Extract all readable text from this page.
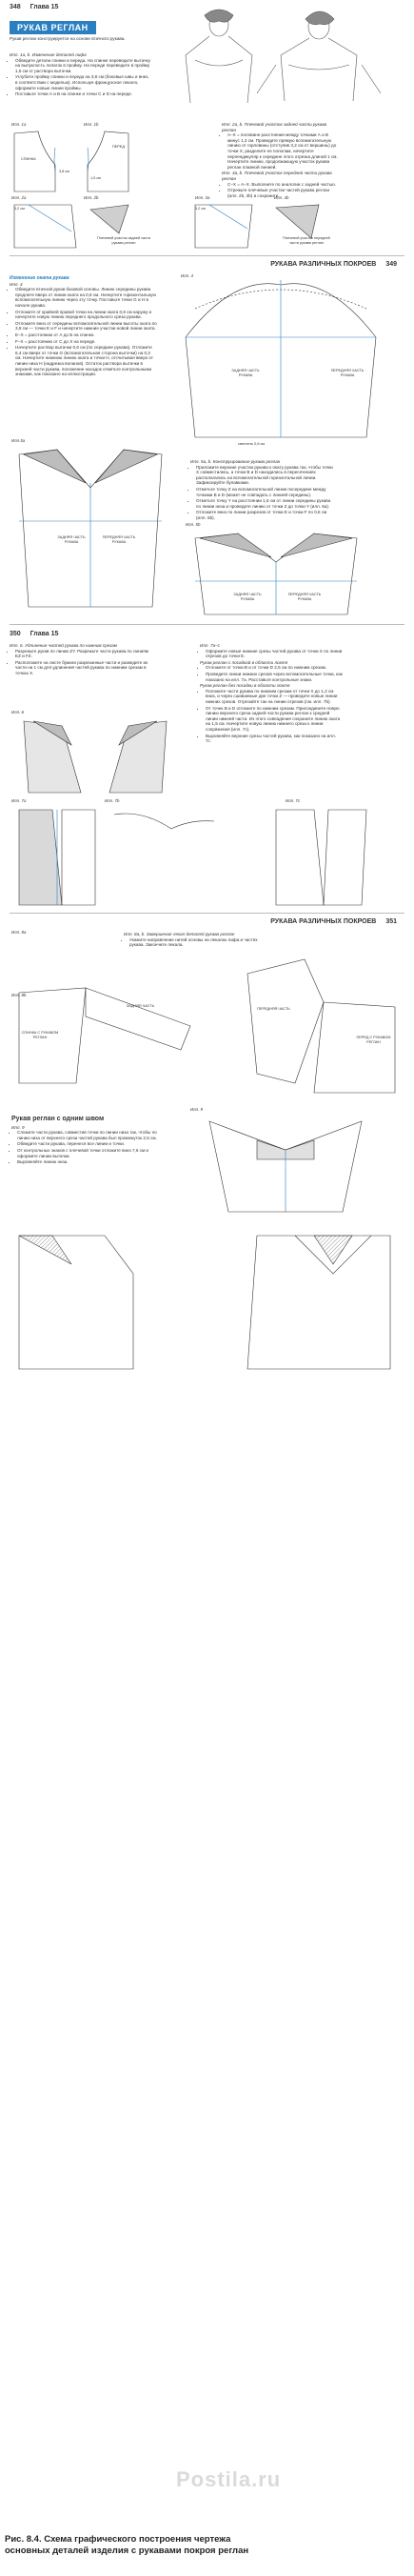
348 Глава 15
РУКАВ РЕГЛАН
Рукав реглан конструируется на основе втачного рукава.
Илл. 1а, b. Изменение деталей лифа
• Обведите детали спинки и переда. На спинке переведите вытачку на выпуклость лопаток в пройму. На переде переведите в пройму 1,5 см от раствора вытачки.
• Углубите пройму спинки и переда на 3,8 см (боковые швы и вниз, в соответствии с моделью). Используя французское лекало, оформите новые линии проймы.
• Поставьте точки А и В на спинке и точки С и D на переде.
Илл. 1а	Илл. 1b
СПИНКА
ПЕРЕД
3,8 см
1,5 см
Илл. 2а, b. Плечевой участок задней части рукава реглан
• А–Х = половине расстояния между точками А и В минус 1,3 см. Проведите прямую вспомогательную линию от горловины (отступив 3,2 см от вершины) до точки Х, разделите ее пополам, начертите перпендикуляр к середине этого отрезка длиной 1 см. Начертите линию, продолжающую участок рукава реглан плавной линией.
Илл. 3а, b. Плечевой участок передней части рукава реглан
• С–Х = А–Х. Выполните по аналогии с задней частью.
• Отрежьте плечевые участки частей рукава реглан (илл. 2b, 3b) и сохраните.
Илл. 2а	Илл. 2b	Илл. 3а	Илл. 3b
3,2 см	3,2 см
Плечевой участок задней части рукава реглан
Плечевой участок передней части рукава реглан
РУКАВА РАЗЛИЧНЫХ ПОКРОЕВ 349
Изменение оката рукава
Илл. 4
• Обведите втачной рукав базовой основы. Линию середины рукава продлите вверх от линии оката на 0,6 см. Начертите горизонтальную вспомогательную линию через эту точку. Поставьте точки G и H в начале рукава.
• Отложите от крайней правой точки на линии оката 0,6 см наружу и начертите новую линию переднего продольного среза рукава.
• Отложите вниз от середины вспомогательной линии высоты оката по 3,8 см — точки Е и F и начертите нижние участки новой линии оката.
• Е–Х = расстоянию от А до Б на спинке.
• F–X = расстоянию от C до X на переде.
• Начертите раствор вытачки 0,6 см (по середине рукава). Отложите 6,4 см вверх от точки G (вспомогательная сторона выточки) на 0,3 см. Начертите нижнюю линию оката и точки Н, отсчитывая вверх от линии низа Н (надрезка воланов). Остаток раствора вытачки в верхней части рукава, положение насадок отметьте контрольными знаками, как показано на иллюстрации.
Илл. 4
ЗАДНЯЯ ЧАСТЬ РУКАВА
ПЕРЕДНЯЯ ЧАСТЬ РУКАВА
сместить 0,6 см
Илл.5а
ЗАДНЯЯ ЧАСТЬ РУКАВА
ПЕРЕДНЯЯ ЧАСТЬ РУКАВА
Илл. 5а, b. Конструирование рукава реглан
• Приложите верхние участки рукава к окату рукава так, чтобы точки Х совместились, а точки В и D находились в пересечениях располагались на вспомогательной горизонтальной линии. Зафиксируйте булавками.
• Отметьте точку Z на вспомогательной линии посередине между точками B и D (может не совпадать с линией середины).
• Отметьте точку Y на расстоянии 1,6 см от линии середины рукава по линии низа и проведите линию от точки Z до точки Y (илл. 5а).
• Отложите вниз по линии разрезов от точки E и точки F по 0,6 см (илл. 5b).
Илл. 5b
ЗАДНЯЯ ЧАСТЬ РУКАВА
ПЕРЕДНЯЯ ЧАСТЬ РУКАВА
350 Глава 15
Илл. 6. Удлинение частей рукава по нижним срезам
• Разрежьте рукав по линии ZY. Разрежьте части рукава по линиям EZ и FZ.
• Расположите на листе бумаги разрезанные части и разведите их части на 1 см для удлинения частей рукава по нижним срезам в точках X.
Илл. 7а–с
• Оформите новые нижние срезы частей рукава от точки X по линии отрезов до точки Е.
Рукав реглан с посадкой в области локтя
• Отложите от точки B и от точки D 2,5 см по нижним срезам.
• Проведите линии нижних срезов через вспомогательные точки, как показано на илл. 7а. Расставьте контрольные знаки.
Рукав реглан без посадки в области локтя
• Положите части рукава по нижним срезам от точки X до 1,2 см вниз, и через сшиваемые две точки Z — проведите новые линии нижних срезов. Отрезайте так на линии отрезов (см. илл. 7b).
• От точек B и D отложите по нижним срезам. Присоедините новую линию верхнего среза задней части рукава реглан к средней линии нижней части. Из этого совпадения сохраните линию оката на 1,5 см. Начертите новую линию нижнего среза к линии сопряжения (илл. 7c).
• Выровняйте верхние срезы частей рукава, как показано на илл. 7с.
Илл. 6
Илл. 7а	Илл. 7b	Илл. 7с
РУКАВА РАЗЛИЧНЫХ ПОКРОЕВ 351
Илл. 8а, b. Завершение лекал деталей рукава реглан
• Укажите направление нитей основы на лекалах лифа и частях рукава. Закончите лекала.
Илл. 8а
Илл. 8b
СПИНКА С РУКАВОМ РЕГЛАН	ПЕРЕД С РУКАВОМ РЕГЛАН
ЗАДНЯЯ ЧАСТЬ
ПЕРЕДНЯЯ ЧАСТЬ
Рукав реглан с одним швом
Илл. 9
• Сложите части рукава, совместив точки по линии низа так, чтобы по линии низа от верхнего среза частей рукава был промежуток 2,5 см.
• Обведите части рукава, перенеся все линии и точки.
• От контрольных знаков с плечевой точки отложите вниз 7,6 см и оформите линии вытачки.
• Выровняйте линию низа.
Илл. 9
Postila.ru
Рис. 8.4. Схема графического построения чертежа
основных деталей изделия с рукавами покроя реглан
